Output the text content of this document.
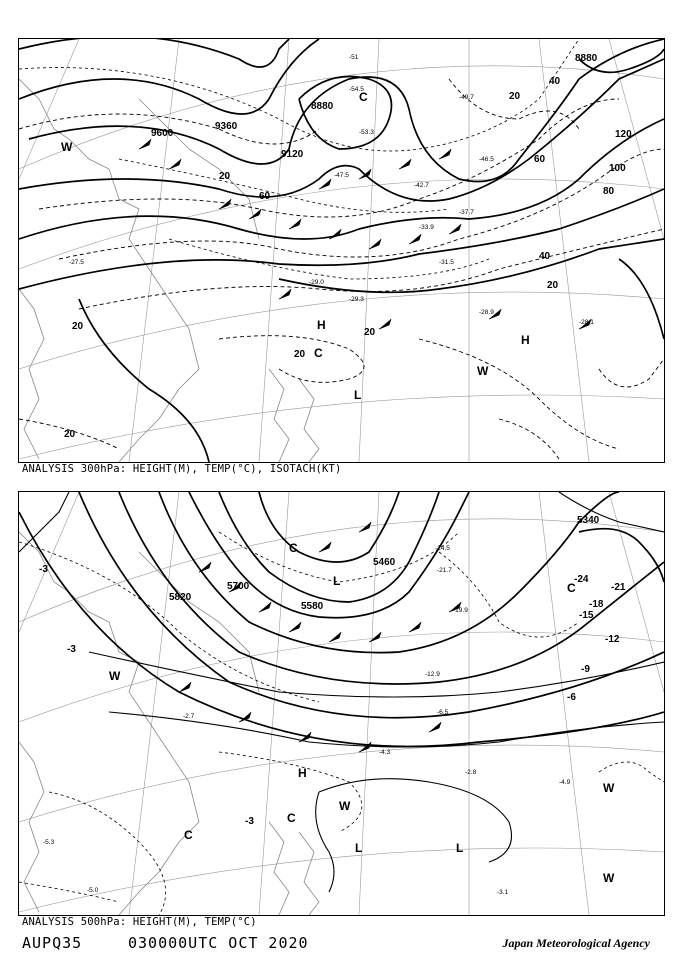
9600
9360
9120
8880
8880
20
40
60
80
100
120
20
40
60
20
20
20
20
20
W
H
H
L
W
C
C
-27.5
-29.0
-29.3
-28.9
-28.1
-31.5
-33.9
-37.7
-42.7
-46.5
-47.5
-49.7
-51
-53.3
-54.5
ANALYSIS 300hPa: HEIGHT(M), TEMP(°C), ISOTACH(KT)
5700
5820
5580
5460
5340
-3
-3
-3
-6
-9
-12
-15
-18
-21
-24
W
H
L
L	L
W
W
W
C
C
C
C
-3.1
-4.9
-2.8
-4.3
-6.5
-12.9
-19.9
-21.7
-24.5
-5.3
-5.0
-2.7
ANALYSIS 500hPa: HEIGHT(M), TEMP(°C)
AUPQ35	030000UTC OCT 2020	Japan Meteorological Agency
